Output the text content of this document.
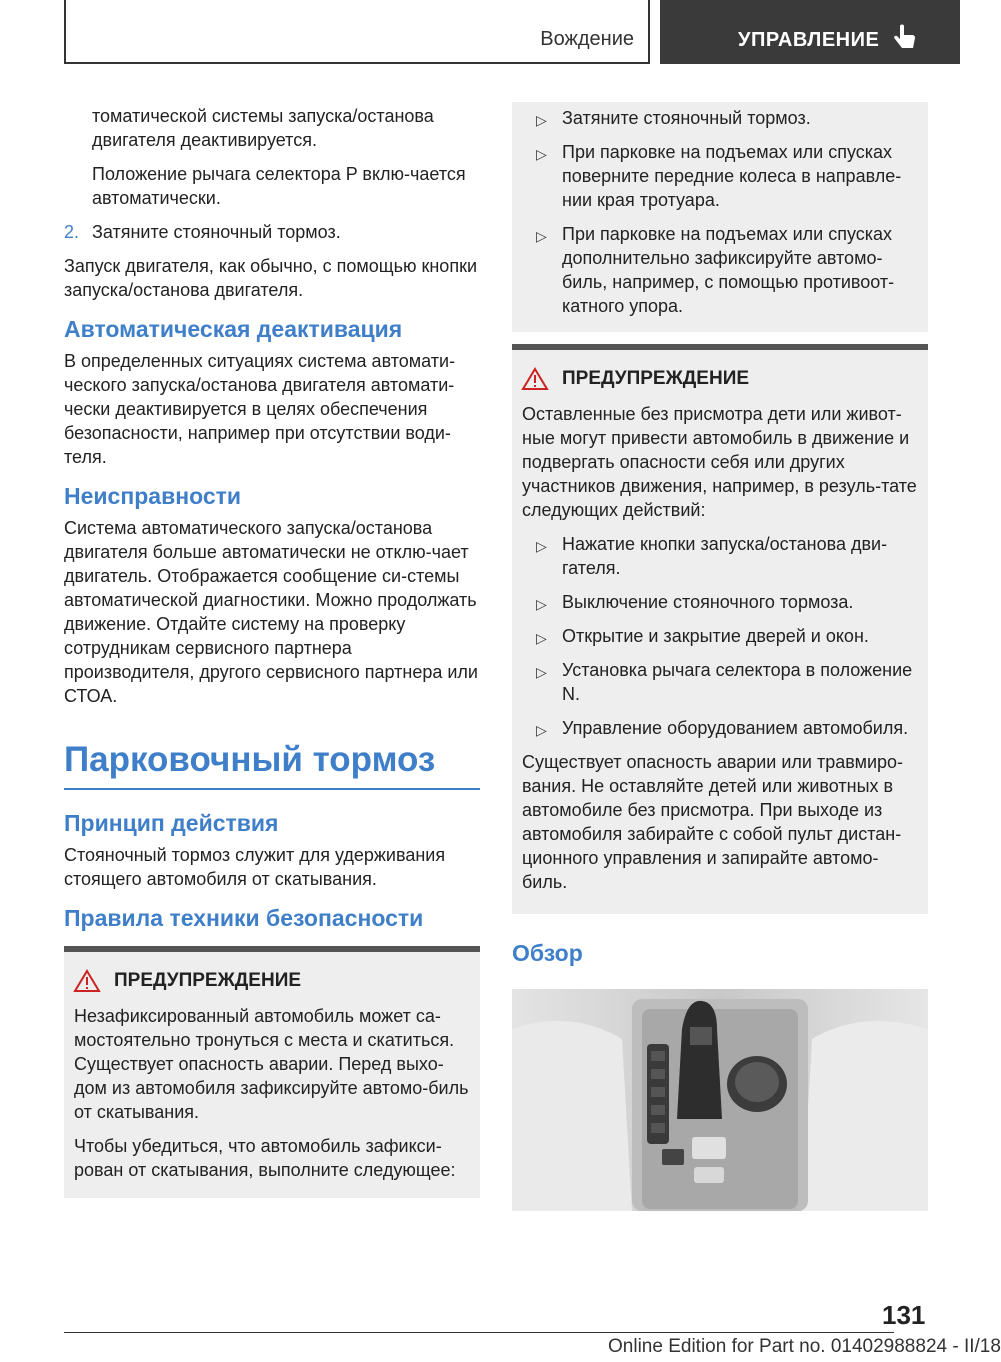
Вождение	УПРАВЛЕНИЕ

томатической системы запуска/останова двигателя деактивируется.

Положение рычага селектора P вклю-чается автоматически.

2. Затяните стояночный тормоз.

Запуск двигателя, как обычно, с помощью кнопки запуска/останова двигателя.

Автоматическая деактивация

В определенных ситуациях система автомати-ческого запуска/останова двигателя автомати-чески деактивируется в целях обеспечения безопасности, например при отсутствии води-теля.

Неисправности

Система автоматического запуска/останова двигателя больше автоматически не отклю-чает двигатель. Отображается сообщение си-стемы автоматической диагностики. Можно продолжать движение. Отдайте систему на проверку сотрудникам сервисного партнера производителя, другого сервисного партнера или СТОА.

Парковочный тормоз
Принцип действия

Стояночный тормоз служит для удерживания стоящего автомобиля от скатывания.

Правила техники безопасности
ПРЕДУПРЕЖДЕНИЕ

Незафиксированный автомобиль может са-мостоятельно тронуться с места и скатиться. Существует опасность аварии. Перед выхо-дом из автомобиля зафиксируйте автомо-биль от скатывания.

Чтобы убедиться, что автомобиль зафикси-рован от скатывания, выполните следующее:

▷ Затяните стояночный тормоз.

▷ При парковке на подъемах или спусках поверните передние колеса в направле-нии края тротуара.

▷ При парковке на подъемах или спусках дополнительно зафиксируйте автомо-биль, например, с помощью противоот-катного упора.

ПРЕДУПРЕЖДЕНИЕ

Оставленные без присмотра дети или живот-ные могут привести автомобиль в движение и подвергать опасности себя или других участников движения, например, в резуль-тате следующих действий:

▷ Нажатие кнопки запуска/останова дви-гателя.

▷ Выключение стояночного тормоза.

▷ Открытие и закрытие дверей и окон.

▷ Установка рычага селектора в положение N.

▷ Управление оборудованием автомобиля.

Существует опасность аварии или травмиро-вания. Не оставляйте детей или животных в автомобиле без присмотра. При выходе из автомобиля забирайте с собой пульт дистан-ционного управления и запирайте автомо-биль.

Обзор
131
Online Edition for Part no. 01402988824 - II/18
